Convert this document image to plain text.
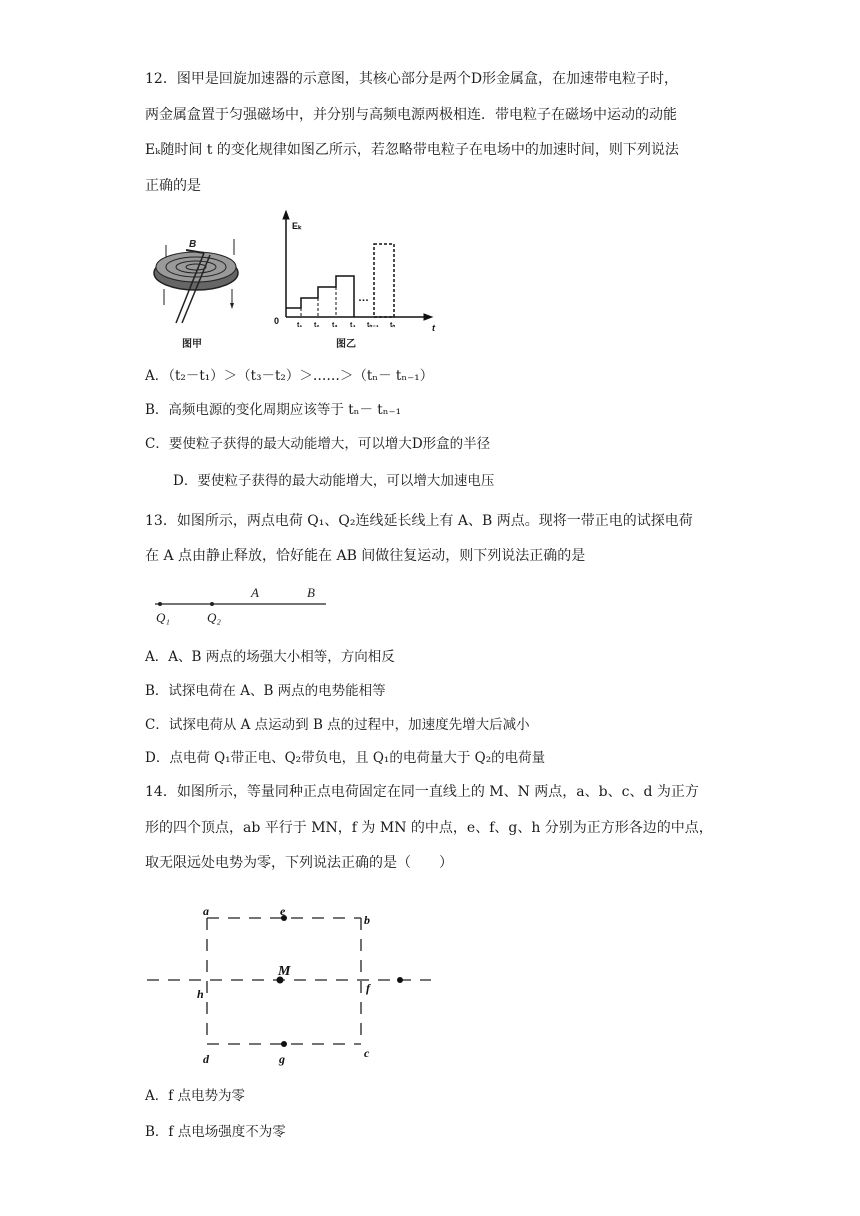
12．图甲是回旋加速器的示意图，其核心部分是两个D形金属盒，在加速带电粒子时，
两金属盒置于匀强磁场中，并分别与高频电源两极相连．带电粒子在磁场中运动的动能
Eₖ随时间 t 的变化规律如图乙所示，若忽略带电粒子在电场中的加速时间，则下列说法
正确的是
B
图甲
Eₖ
0
t
…
t₁ t₂ t₃ t₄ tₙ₋₁ tₙ
图乙
A．（t₂－t₁）＞（t₃－t₂）＞……＞（tₙ－ tₙ₋₁）
B．高频电源的变化周期应该等于 tₙ－ tₙ₋₁
C．要使粒子获得的最大动能增大，可以增大D形盒的半径
D．要使粒子获得的最大动能增大，可以增大加速电压
13．如图所示，两点电荷 Q₁、Q₂连线延长线上有 A、B 两点。现将一带正电的试探电荷
在 A 点由静止释放，恰好能在 AB 间做往复运动，则下列说法正确的是
Q₁	Q₂
A	B
A．A、B 两点的场强大小相等，方向相反
B．试探电荷在 A、B 两点的电势能相等
C．试探电荷从 A 点运动到 B 点的过程中，加速度先增大后减小
D．点电荷 Q₁带正电、Q₂带负电，且 Q₁的电荷量大于 Q₂的电荷量
14．如图所示，等量同种正点电荷固定在同一直线上的 M、N 两点，a、b、c、d 为正方
形的四个顶点，ab 平行于 MN，f 为 MN 的中点，e、f、g、h 分别为正方形各边的中点，
取无限远处电势为零，下列说法正确的是（　　）
a	e
b
M
h	f
d	g	c
A．f 点电势为零
B．f 点电场强度不为零
